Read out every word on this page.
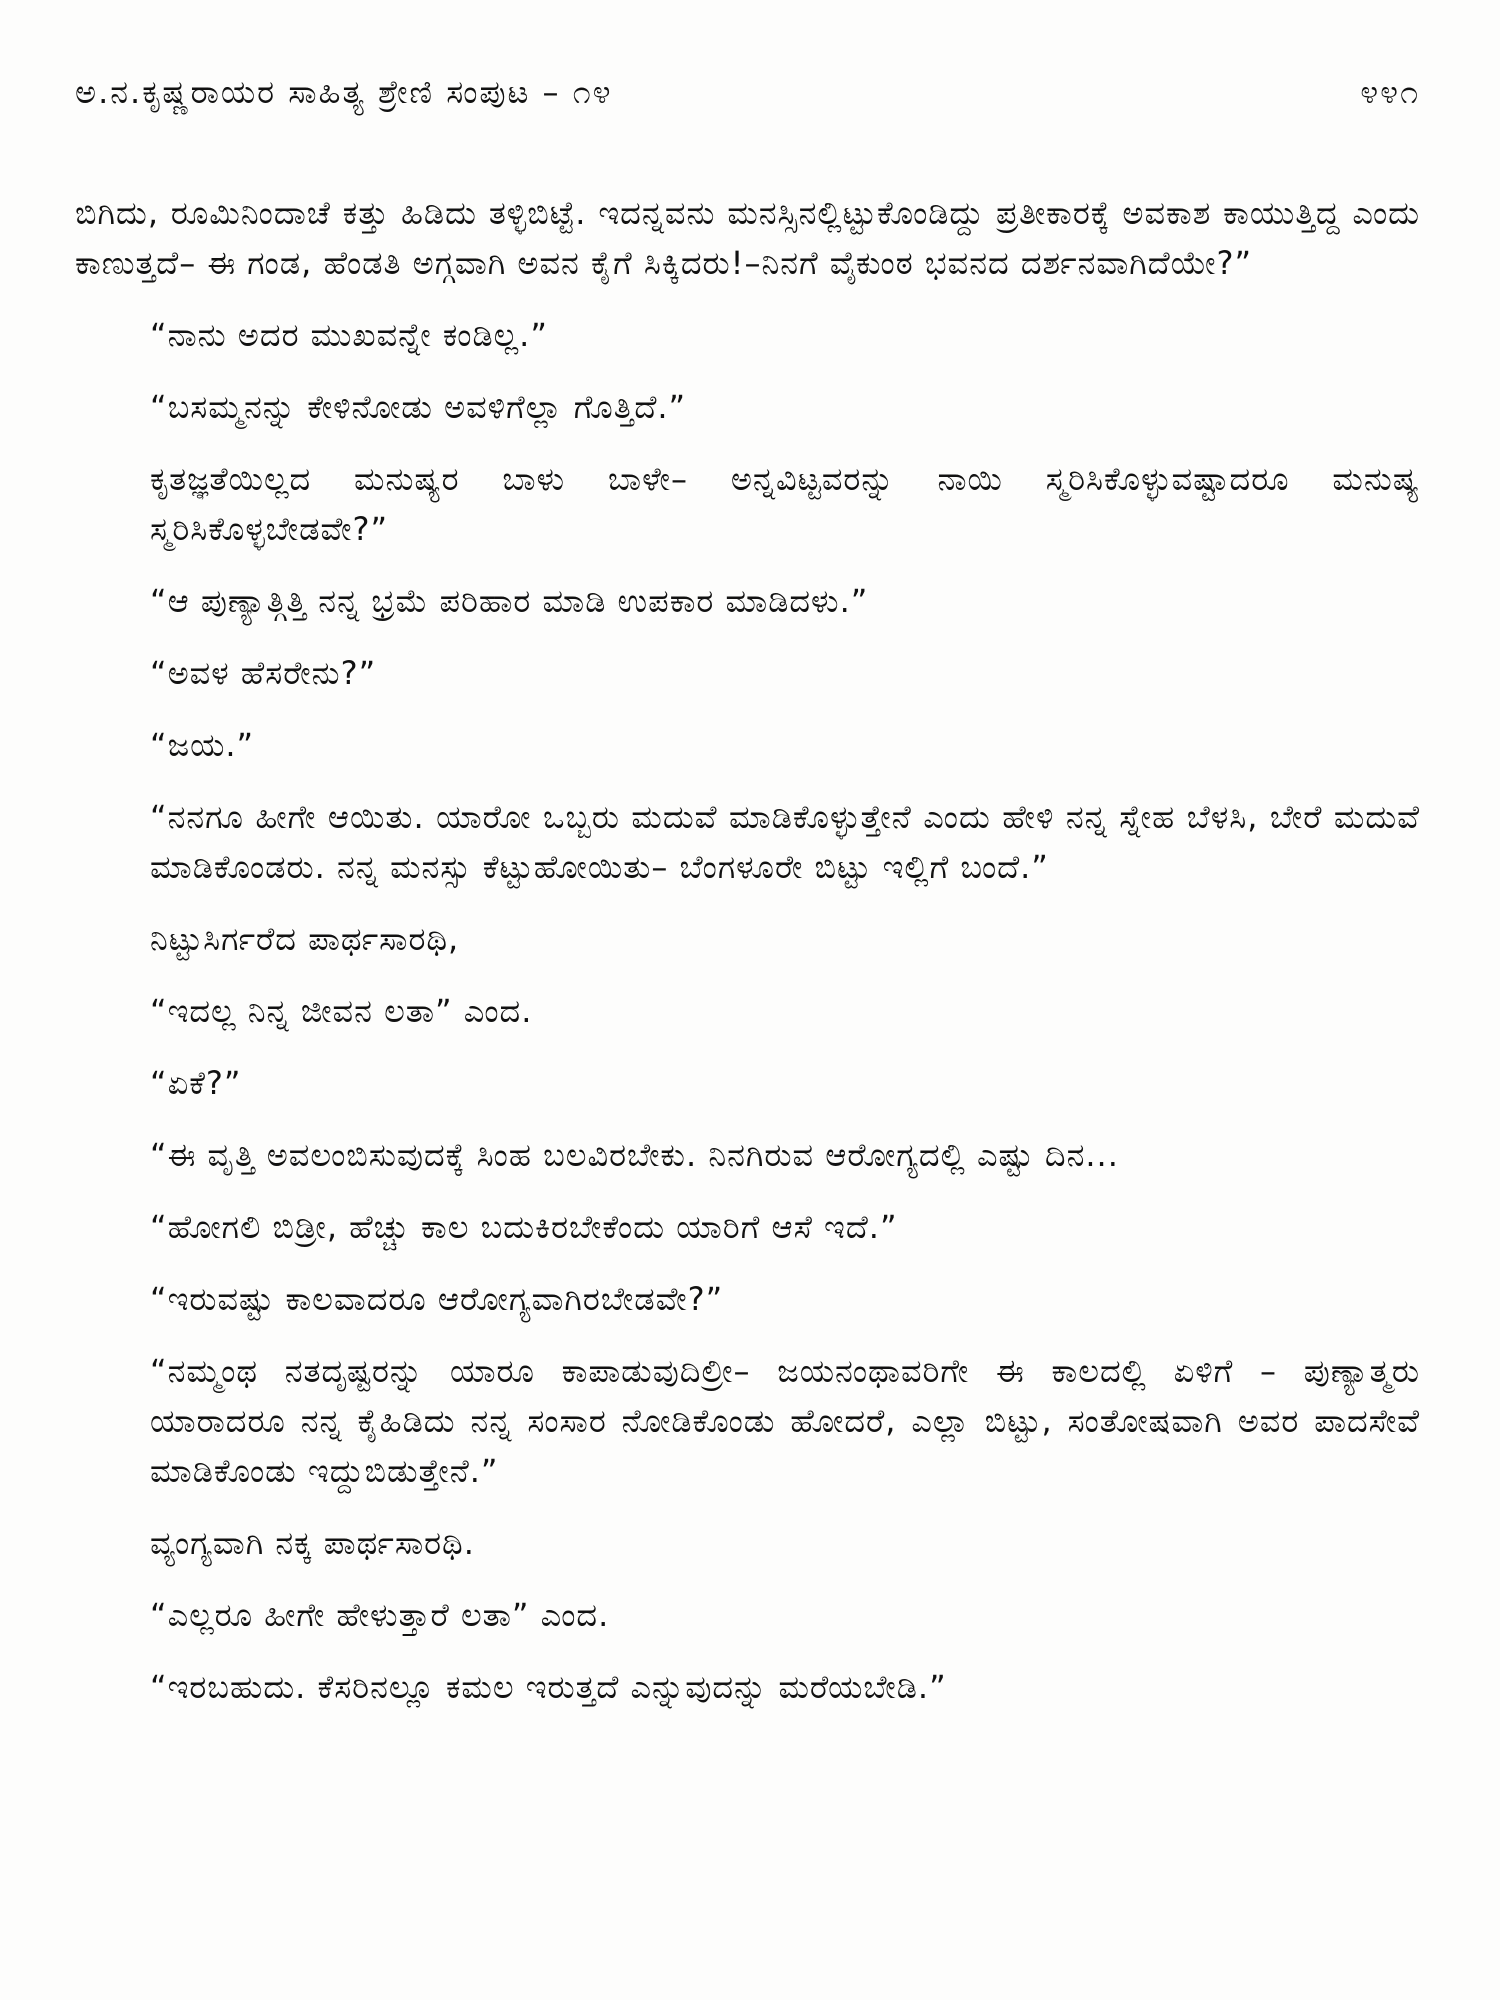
ಅ.ನ.ಕೃಷ್ಣರಾಯರ ಸಾಹಿತ್ಯ ಶ್ರೇಣಿ ಸಂಪುಟ – ೧೪	೪೪೧

ಬಿಗಿದು, ರೂಮಿನಿಂದಾಚೆ ಕತ್ತು ಹಿಡಿದು ತಳ್ಳಿಬಿಟ್ಟೆ. ಇದನ್ನವನು ಮನಸ್ಸಿನಲ್ಲಿಟ್ಟುಕೊಂಡಿದ್ದು ಪ್ರತೀಕಾರಕ್ಕೆ ಅವಕಾಶ ಕಾಯುತ್ತಿದ್ದ ಎಂದು ಕಾಣುತ್ತದೆ– ಈ ಗಂಡ, ಹೆಂಡತಿ ಅಗ್ಗವಾಗಿ ಅವನ ಕೈಗೆ ಸಿಕ್ಕಿದರು!–ನಿನಗೆ ವೈಕುಂಠ ಭವನದ ದರ್ಶನವಾಗಿದೆಯೇ?”

“ನಾನು ಅದರ ಮುಖವನ್ನೇ ಕಂಡಿಲ್ಲ.”

“ಬಸಮ್ಮನನ್ನು ಕೇಳಿನೋಡು ಅವಳಿಗೆಲ್ಲಾ ಗೊತ್ತಿದೆ.”

ಕೃತಜ್ಞತೆಯಿಲ್ಲದ ಮನುಷ್ಯರ ಬಾಳು ಬಾಳೇ– ಅನ್ನವಿಟ್ಟವರನ್ನು ನಾಯಿ ಸ್ಮರಿಸಿಕೊಳ್ಳುವಷ್ಟಾದರೂ ಮನುಷ್ಯ ಸ್ಮರಿಸಿಕೊಳ್ಳಬೇಡವೇ?”

“ಆ ಪುಣ್ಯಾತ್ಗಿತ್ತಿ ನನ್ನ ಭ್ರಮೆ ಪರಿಹಾರ ಮಾಡಿ ಉಪಕಾರ ಮಾಡಿದಳು.”

“ಅವಳ ಹೆಸರೇನು?”

“ಜಯ.”

“ನನಗೂ ಹೀಗೇ ಆಯಿತು. ಯಾರೋ ಒಬ್ಬರು ಮದುವೆ ಮಾಡಿಕೊಳ್ಳುತ್ತೇನೆ ಎಂದು ಹೇಳಿ ನನ್ನ ಸ್ನೇಹ ಬೆಳಸಿ, ಬೇರೆ ಮದುವೆ ಮಾಡಿಕೊಂಡರು. ನನ್ನ ಮನಸ್ಸು ಕೆಟ್ಟುಹೋಯಿತು– ಬೆಂಗಳೂರೇ ಬಿಟ್ಟು ಇಲ್ಲಿಗೆ ಬಂದೆ.”

ನಿಟ್ಟುಸಿರ್ಗರೆದ ಪಾರ್ಥಸಾರಥಿ,

“ಇದಲ್ಲ ನಿನ್ನ ಜೀವನ ಲತಾ” ಎಂದ.

“ಏಕೆ?”

“ಈ ವೃತ್ತಿ ಅವಲಂಬಿಸುವುದಕ್ಕೆ ಸಿಂಹ ಬಲವಿರಬೇಕು. ನಿನಗಿರುವ ಆರೋಗ್ಯದಲ್ಲಿ ಎಷ್ಟು ದಿನ...

“ಹೋಗಲಿ ಬಿಡ್ರೀ, ಹೆಚ್ಚು ಕಾಲ ಬದುಕಿರಬೇಕೆಂದು ಯಾರಿಗೆ ಆಸೆ ಇದೆ.”

“ಇರುವಷ್ಟು ಕಾಲವಾದರೂ ಆರೋಗ್ಯವಾಗಿರಬೇಡವೇ?”

“ನಮ್ಮಂಥ ನತದೃಷ್ಟರನ್ನು ಯಾರೂ ಕಾಪಾಡುವುದಿಲ್ರೀ– ಜಯನಂಥಾವರಿಗೇ ಈ ಕಾಲದಲ್ಲಿ ಏಳಿಗೆ – ಪುಣ್ಯಾತ್ಮರು ಯಾರಾದರೂ ನನ್ನ ಕೈಹಿಡಿದು ನನ್ನ ಸಂಸಾರ ನೋಡಿಕೊಂಡು ಹೋದರೆ, ಎಲ್ಲಾ ಬಿಟ್ಟು, ಸಂತೋಷವಾಗಿ ಅವರ ಪಾದಸೇವೆ ಮಾಡಿಕೊಂಡು ಇದ್ದುಬಿಡುತ್ತೇನೆ.”

ವ್ಯಂಗ್ಯವಾಗಿ ನಕ್ಕ ಪಾರ್ಥಸಾರಥಿ.

“ಎಲ್ಲರೂ ಹೀಗೇ ಹೇಳುತ್ತಾರೆ ಲತಾ” ಎಂದ.

“ಇರಬಹುದು. ಕೆಸರಿನಲ್ಲೂ ಕಮಲ ಇರುತ್ತದೆ ಎನ್ನುವುದನ್ನು ಮರೆಯಬೇಡಿ.”
